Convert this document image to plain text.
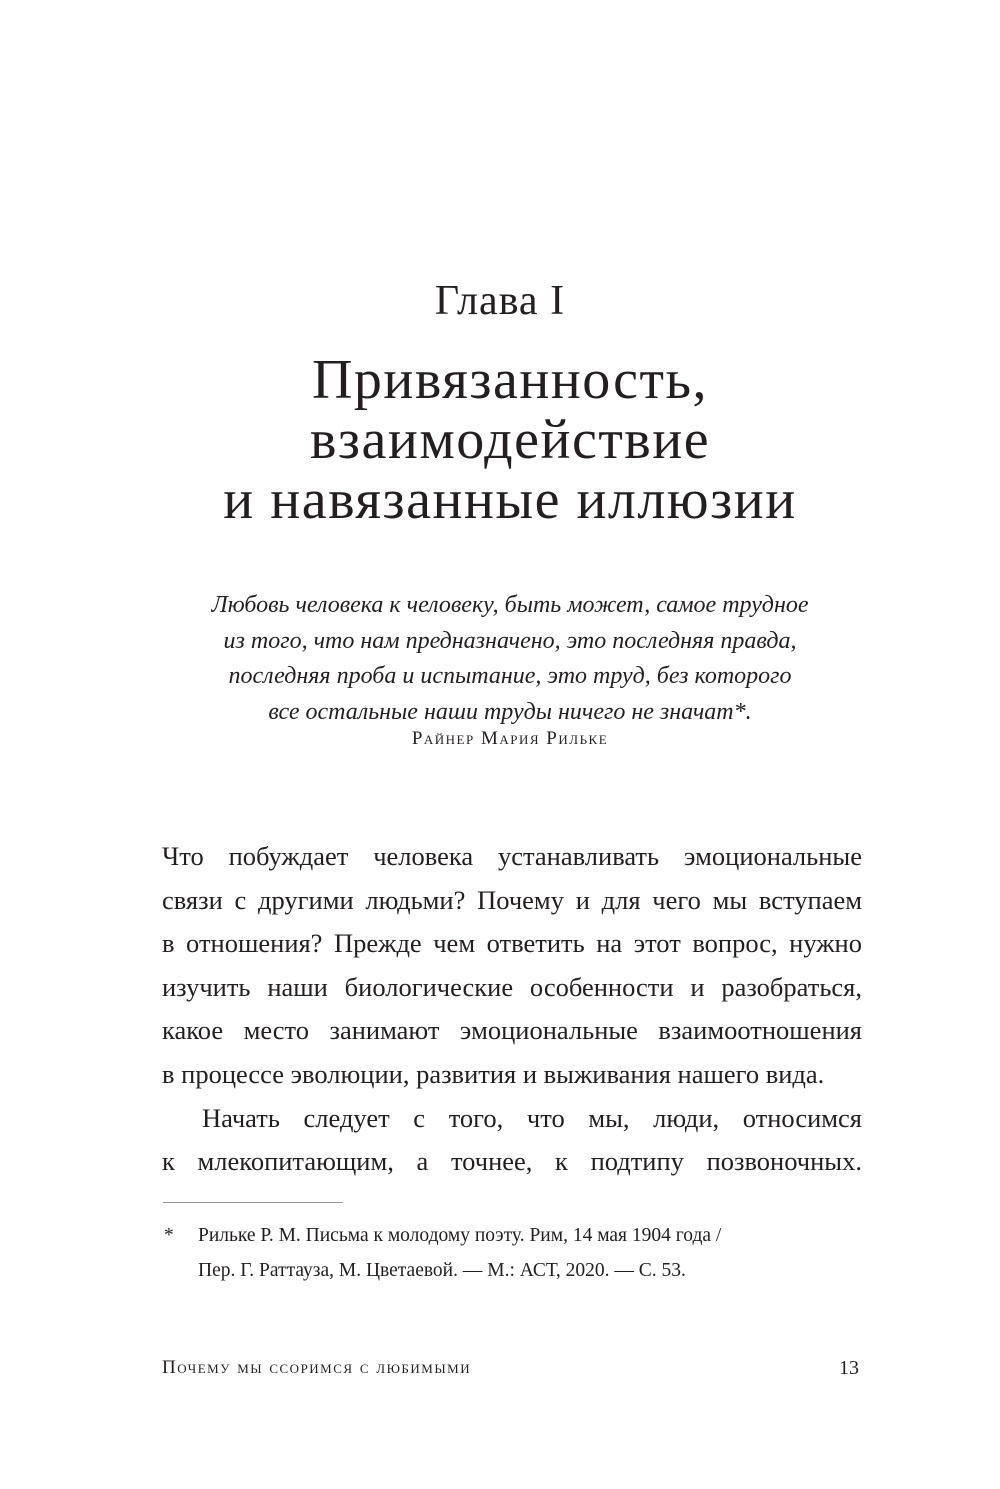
Глава I
Привязанность,
взаимодействие
и навязанные иллюзии
Любовь человека к человеку, быть может, самое трудное
из того, что нам предназначено, это последняя правда,
последняя проба и испытание, это труд, без которого
все остальные наши труды ничего не значат*.
Райнер Мария Рильке
Что побуждает человека устанавливать эмоциональные
связи с другими людьми? Почему и для чего мы вступаем
в отношения? Прежде чем ответить на этот вопрос, нужно
изучить наши биологические особенности и разобраться,
какое место занимают эмоциональные взаимоотношения
в процессе эволюции, развития и выживания нашего вида.
Начать следует с того, что мы, люди, относимся
к млекопитающим, а точнее, к подтипу позвоночных.
* Рильке Р. М. Письма к молодому поэту. Рим, 14 мая 1904 года /
Пер. Г. Раттауза, М. Цветаевой. — М.: АСТ, 2020. — С. 53.
Почему мы ссоримся с любимыми	13
